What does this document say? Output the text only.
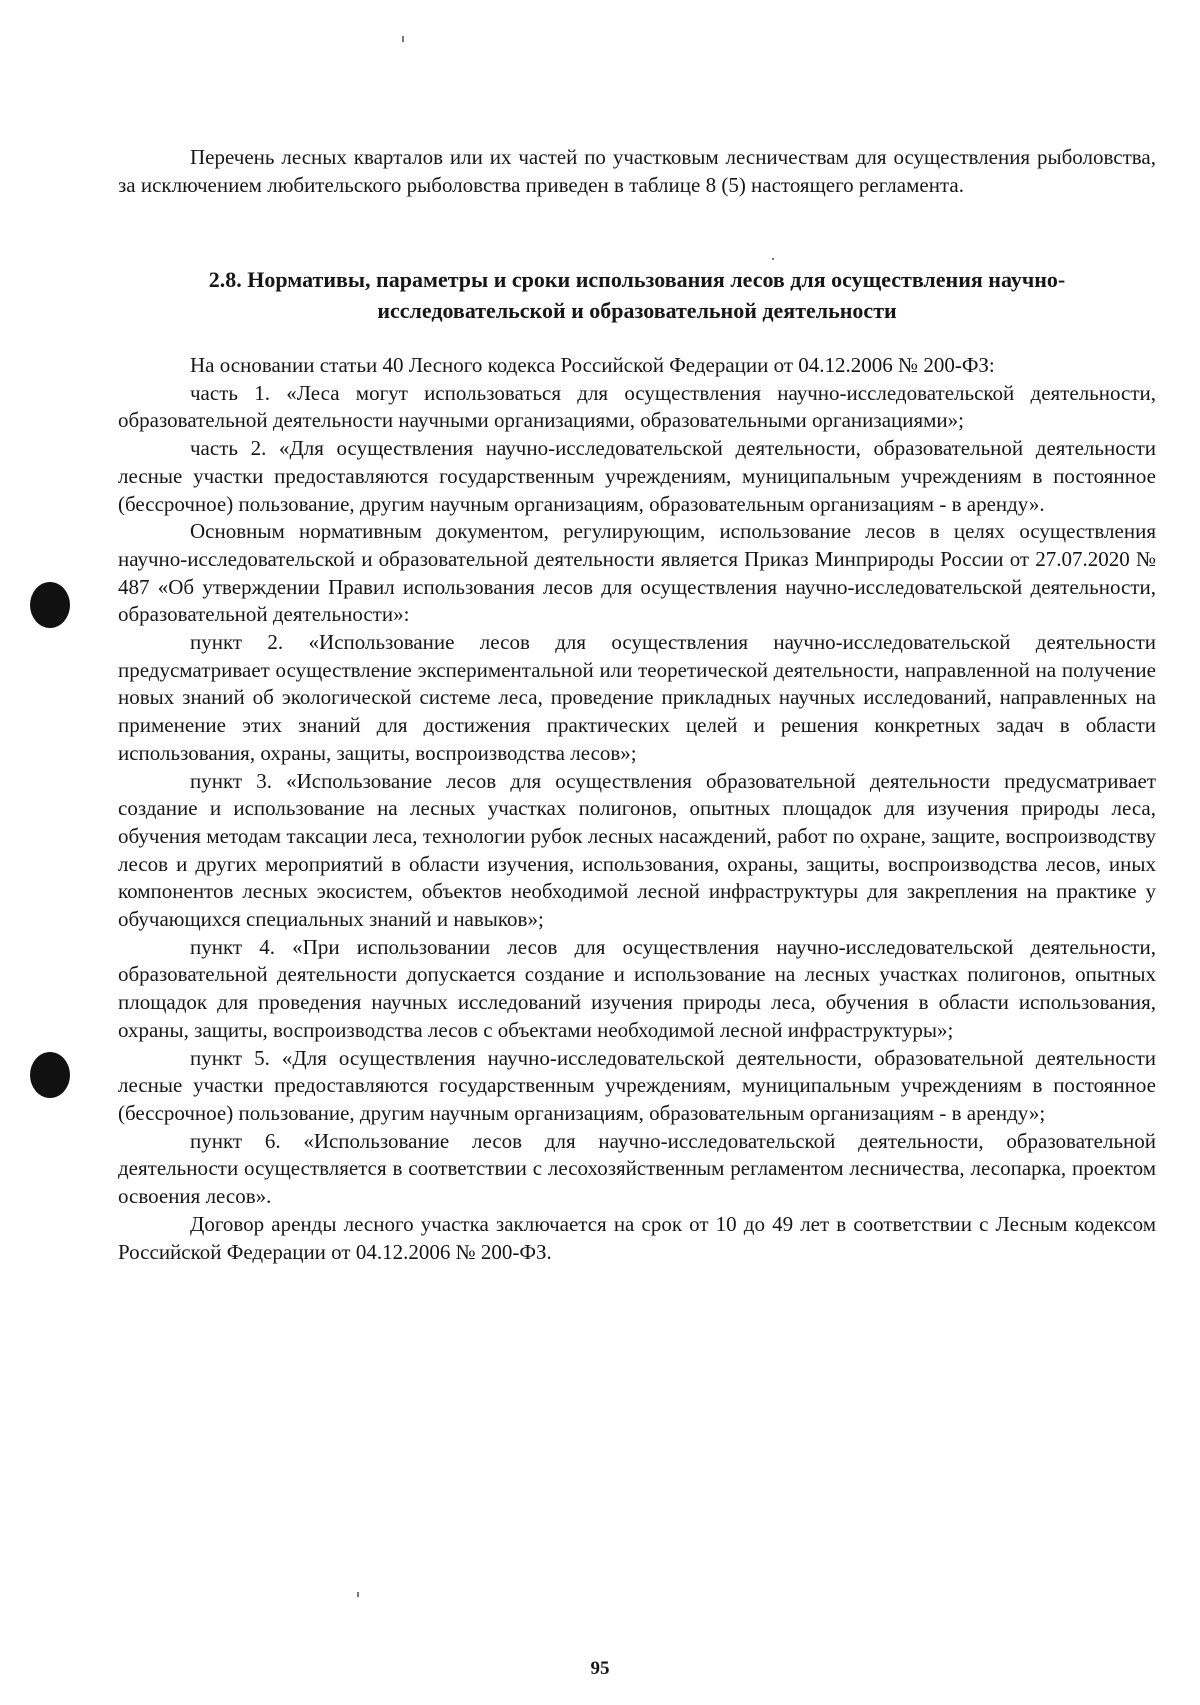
Перечень лесных кварталов или их частей по участковым лесничествам для осуществления рыболовства, за исключением любительского рыболовства приведен в таблице 8 (5) настоящего регламента.

2.8. Нормативы, параметры и сроки использования лесов для осуществления научно-исследовательской и образовательной деятельности

На основании статьи 40 Лесного кодекса Российской Федерации от 04.12.2006 № 200-ФЗ:

часть 1. «Леса могут использоваться для осуществления научно-исследовательской деятельности, образовательной деятельности научными организациями, образовательными организациями»;

часть 2. «Для осуществления научно-исследовательской деятельности, образовательной деятельности лесные участки предоставляются государственным учреждениям, муниципальным учреждениям в постоянное (бессрочное) пользование, другим научным организациям, образовательным организациям - в аренду».

Основным нормативным документом, регулирующим, использование лесов в целях осуществления научно-исследовательской и образовательной деятельности является Приказ Минприроды России от 27.07.2020 № 487 «Об утверждении Правил использования лесов для осуществления научно-исследовательской деятельности, образовательной деятельности»:

пункт 2. «Использование лесов для осуществления научно-исследовательской деятельности предусматривает осуществление экспериментальной или теоретической деятельности, направленной на получение новых знаний об экологической системе леса, проведение прикладных научных исследований, направленных на применение этих знаний для достижения практических целей и решения конкретных задач в области использования, охраны, защиты, воспроизводства лесов»;

пункт 3. «Использование лесов для осуществления образовательной деятельности предусматривает создание и использование на лесных участках полигонов, опытных площадок для изучения природы леса, обучения методам таксации леса, технологии рубок лесных насаждений, работ по охране, защите, воспроизводству лесов и других мероприятий в области изучения, использования, охраны, защиты, воспроизводства лесов, иных компонентов лесных экосистем, объектов необходимой лесной инфраструктуры для закрепления на практике у обучающихся специальных знаний и навыков»;

пункт 4. «При использовании лесов для осуществления научно-исследовательской деятельности, образовательной деятельности допускается создание и использование на лесных участках полигонов, опытных площадок для проведения научных исследований изучения природы леса, обучения в области использования, охраны, защиты, воспроизводства лесов с объектами необходимой лесной инфраструктуры»;

пункт 5. «Для осуществления научно-исследовательской деятельности, образовательной деятельности лесные участки предоставляются государственным учреждениям, муниципальным учреждениям в постоянное (бессрочное) пользование, другим научным организациям, образовательным организациям - в аренду»;

пункт 6. «Использование лесов для научно-исследовательской деятельности, образовательной деятельности осуществляется в соответствии с лесохозяйственным регламентом лесничества, лесопарка, проектом освоения лесов».

Договор аренды лесного участка заключается на срок от 10 до 49 лет в соответствии с Лесным кодексом Российской Федерации от 04.12.2006 № 200-ФЗ.

95
